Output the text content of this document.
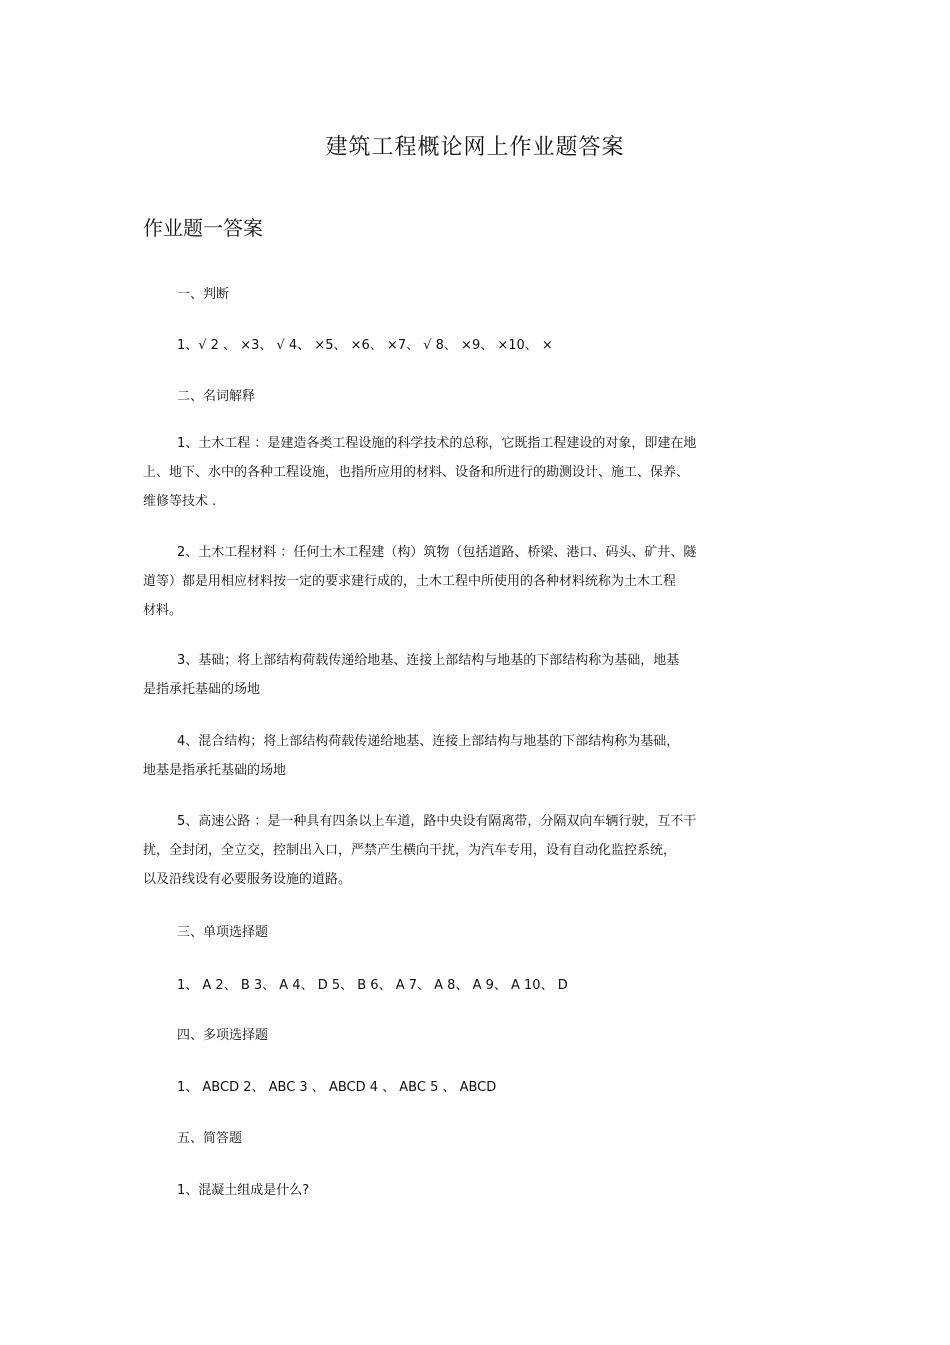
建筑工程概论网上作业题答案
作业题一答案
一、判断
1、√ 2 、 ×3、 √ 4、 ×5、 ×6、 ×7、 √ 8、 ×9、 ×10、 ×
二、名词解释
1、土木工程 ：是建造各类工程设施的科学技术的总称，它既指工程建设的对象，即建在地
上、地下、水中的各种工程设施，也指所应用的材料、设备和所进行的勘测设计、施工、保养、
维修等技术 .
2、土木工程材料 ：任何土木工程建（构）筑物（包括道路、桥梁、港口、码头、矿井、隧
道等）都是用相应材料按一定的要求建行成的，土木工程中所使用的各种材料统称为土木工程
材料。
3、基础；将上部结构荷载传递给地基、连接上部结构与地基的下部结构称为基础，地基
是指承托基础的场地
4、混合结构；将上部结构荷载传递给地基、连接上部结构与地基的下部结构称为基础，
地基是指承托基础的场地
5、高速公路 ：是一种具有四条以上车道，路中央设有隔离带，分隔双向车辆行驶，互不干
扰，全封闭，全立交，控制出入口，严禁产生横向干扰，为汽车专用，设有自动化监控系统，
以及沿线设有必要服务设施的道路。
三、单项选择题
1、 A 2、 B 3、 A 4、 D 5、 B 6、 A 7、 A 8、 A 9、 A 10、 D
四、多项选择题
1、 ABCD 2、 ABC 3 、 ABCD 4 、 ABC 5 、 ABCD
五、简答题
1、混凝土组成是什么?
